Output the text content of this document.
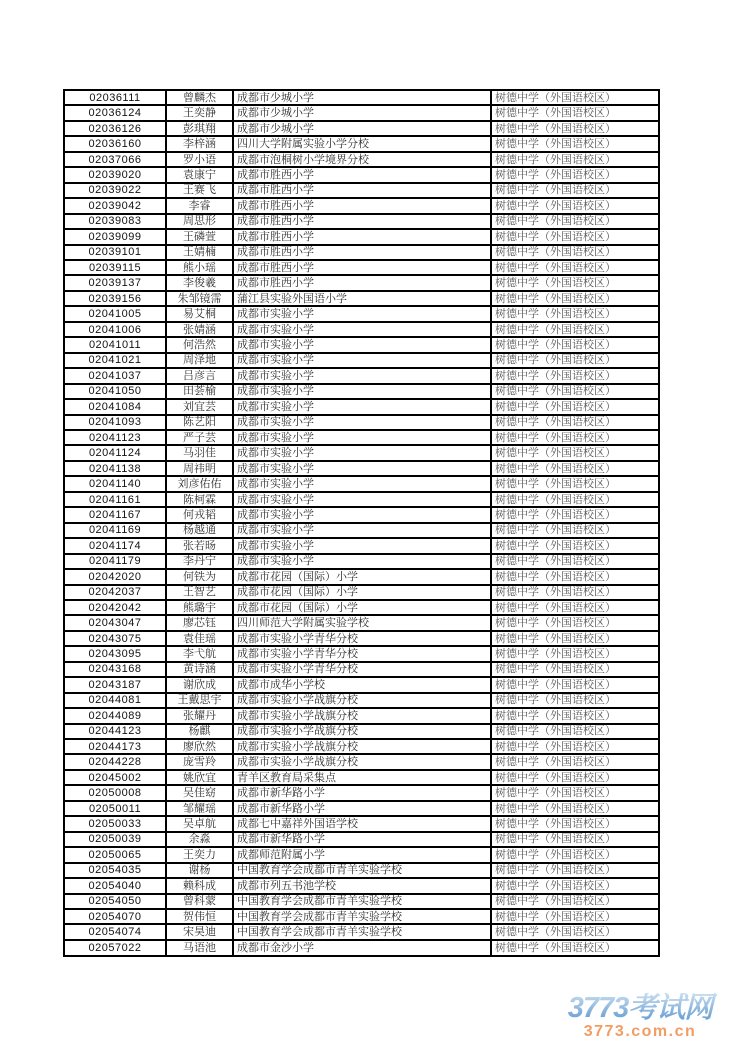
02036111	曾麟杰	成都市少城小学	树德中学（外国语校区）
02036124	王奕静	成都市少城小学	树德中学（外国语校区）
02036126	彭琪翔	成都市少城小学	树德中学（外国语校区）
02036160	李梓涵	四川大学附属实验小学分校	树德中学（外国语校区）
02037066	罗小语	成都市泡桐树小学境界分校	树德中学（外国语校区）
02039020	袁康宁	成都市胜西小学	树德中学（外国语校区）
02039022	王赛飞	成都市胜西小学	树德中学（外国语校区）
02039042	李睿	成都市胜西小学	树德中学（外国语校区）
02039083	周思形	成都市胜西小学	树德中学（外国语校区）
02039099	王磷萱	成都市胜西小学	树德中学（外国语校区）
02039101	王婧楠	成都市胜西小学	树德中学（外国语校区）
02039115	熊小瑶	成都市胜西小学	树德中学（外国语校区）
02039137	李俊羲	成都市胜西小学	树德中学（外国语校区）
02039156	朱邹镜霈	蒲江县实验外国语小学	树德中学（外国语校区）
02041005	易艾桐	成都市实验小学	树德中学（外国语校区）
02041006	张婧涵	成都市实验小学	树德中学（外国语校区）
02041011	何浩然	成都市实验小学	树德中学（外国语校区）
02041021	周泽地	成都市实验小学	树德中学（外国语校区）
02041037	吕彦言	成都市实验小学	树德中学（外国语校区）
02041050	田荟榆	成都市实验小学	树德中学（外国语校区）
02041084	刘宜芸	成都市实验小学	树德中学（外国语校区）
02041093	陈艺阳	成都市实验小学	树德中学（外国语校区）
02041123	严子芸	成都市实验小学	树德中学（外国语校区）
02041124	马羽佳	成都市实验小学	树德中学（外国语校区）
02041138	周祎明	成都市实验小学	树德中学（外国语校区）
02041140	刘彦佑佑	成都市实验小学	树德中学（外国语校区）
02041161	陈柯霖	成都市实验小学	树德中学（外国语校区）
02041167	何戎韬	成都市实验小学	树德中学（外国语校区）
02041169	杨越通	成都市实验小学	树德中学（外国语校区）
02041174	张若旸	成都市实验小学	树德中学（外国语校区）
02041179	李丹宁	成都市实验小学	树德中学（外国语校区）
02042020	何铁为	成都市花园（国际）小学	树德中学（外国语校区）
02042037	王智艺	成都市花园（国际）小学	树德中学（外国语校区）
02042042	熊璐宇	成都市花园（国际）小学	树德中学（外国语校区）
02043047	廖芯钰	四川师范大学附属实验学校	树德中学（外国语校区）
02043075	袁佳瑶	成都市实验小学青华分校	树德中学（外国语校区）
02043095	李弋航	成都市实验小学青华分校	树德中学（外国语校区）
02043168	黄诗涵	成都市实验小学青华分校	树德中学（外国语校区）
02043187	谢欣成	成都市成华小学校	树德中学（外国语校区）
02044081	王戴思宇	成都市实验小学战旗分校	树德中学（外国语校区）
02044089	张耀丹	成都市实验小学战旗分校	树德中学（外国语校区）
02044123	杨麒	成都市实验小学战旗分校	树德中学（外国语校区）
02044173	廖欣然	成都市实验小学战旗分校	树德中学（外国语校区）
02044228	庞雪羚	成都市实验小学战旗分校	树德中学（外国语校区）
02045002	姚欣宜	青羊区教育局采集点	树德中学（外国语校区）
02050008	吴佳窈	成都市新华路小学	树德中学（外国语校区）
02050011	邹耀瑶	成都市新华路小学	树德中学（外国语校区）
02050033	吴卓航	成都七中嘉祥外国语学校	树德中学（外国语校区）
02050039	余淼	成都市新华路小学	树德中学（外国语校区）
02050065	王奕力	成都师范附属小学	树德中学（外国语校区）
02054035	谢杨	中国教育学会成都市青羊实验学校	树德中学（外国语校区）
02054040	赖科成	成都市列五书池学校	树德中学（外国语校区）
02054050	曾科蒙	中国教育学会成都市青羊实验学校	树德中学（外国语校区）
02054070	贺伟恒	中国教育学会成都市青羊实验学校	树德中学（外国语校区）
02054074	宋昊迪	中国教育学会成都市青羊实验学校	树德中学（外国语校区）
02057022	马语池	成都市金沙小学	树德中学（外国语校区）
3773考试网
3773.com.cn
